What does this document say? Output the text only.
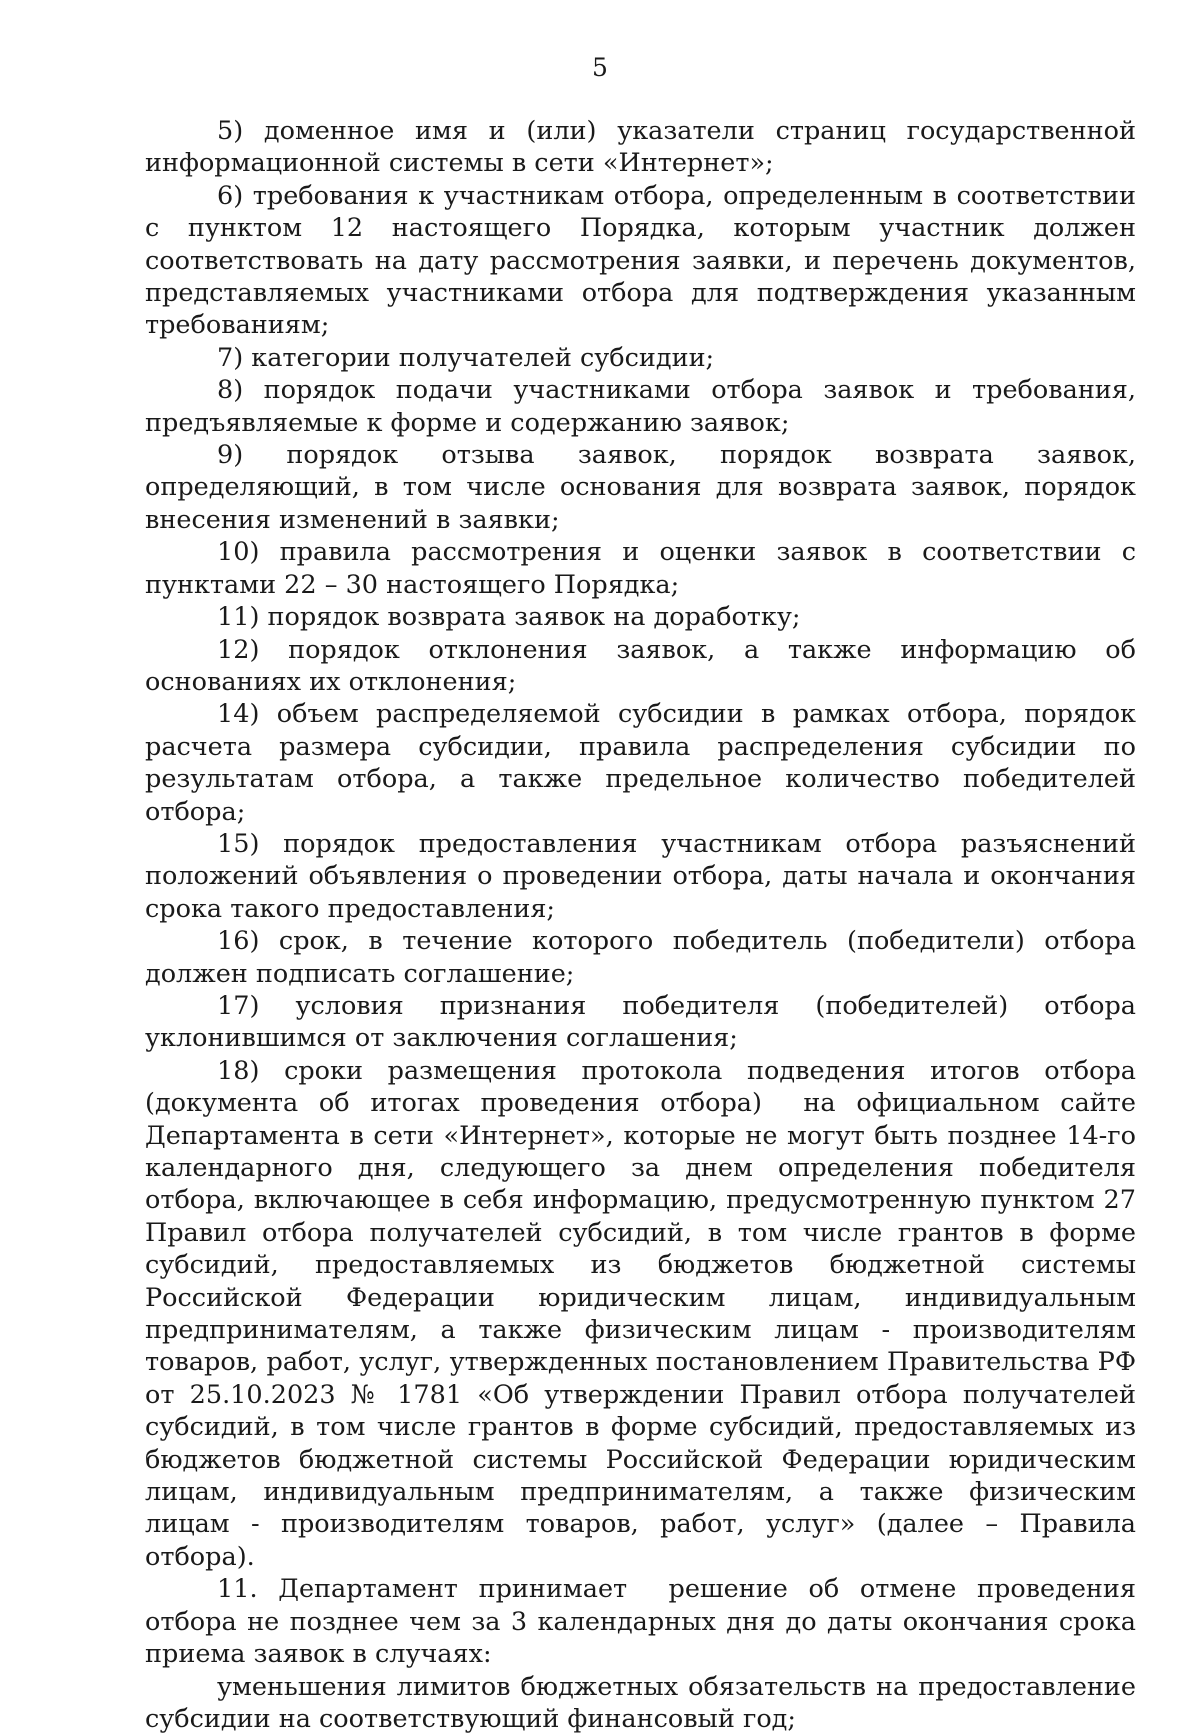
5

5) доменное имя и (или) указатели страниц государственной информационной системы в сети «Интернет»;

6) требования к участникам отбора, определенным в соответствии с пунктом 12 настоящего Порядка, которым участник должен соответствовать на дату рассмотрения заявки, и перечень документов, представляемых участниками отбора для подтверждения указанным требованиям;

7) категории получателей субсидии;

8) порядок подачи участниками отбора заявок и требования, предъявляемые к форме и содержанию заявок;

9) порядок отзыва заявок, порядок возврата заявок, определяющий, в том числе основания для возврата заявок, порядок внесения изменений в заявки;

10) правила рассмотрения и оценки заявок в соответствии с пунктами 22 – 30 настоящего Порядка;

11) порядок возврата заявок на доработку;

12) порядок отклонения заявок, а также информацию об основаниях их отклонения;

14) объем распределяемой субсидии в рамках отбора, порядок расчета размера субсидии, правила распределения субсидии по результатам отбора, а также предельное количество победителей отбора;

15) порядок предоставления участникам отбора разъяснений положений объявления о проведении отбора, даты начала и окончания срока такого предоставления;

16) срок, в течение которого победитель (победители) отбора должен подписать соглашение;

17) условия признания победителя (победителей) отбора уклонившимся от заключения соглашения;

18) сроки размещения протокола подведения итогов отбора (документа об итогах проведения отбора)  на официальном сайте Департамента в сети «Интернет», которые не могут быть позднее 14-го календарного дня, следующего за днем определения победителя отбора, включающее в себя информацию, предусмотренную пунктом 27 Правил отбора получателей субсидий, в том числе грантов в форме субсидий, предоставляемых из бюджетов бюджетной системы Российской Федерации юридическим лицам, индивидуальным предпринимателям, а также физическим лицам - производителям товаров, работ, услуг, утвержденных постановлением Правительства РФ от 25.10.2023 № 1781 «Об утверждении Правил отбора получателей субсидий, в том числе грантов в форме субсидий, предоставляемых из бюджетов бюджетной системы Российской Федерации юридическим лицам, индивидуальным предпринимателям, а также физическим лицам - производителям товаров, работ, услуг» (далее – Правила отбора).

11. Департамент принимает  решение об отмене проведения отбора не позднее чем за 3 календарных дня до даты окончания срока приема заявок в случаях:

уменьшения лимитов бюджетных обязательств на предоставление субсидии на соответствующий финансовый год;
